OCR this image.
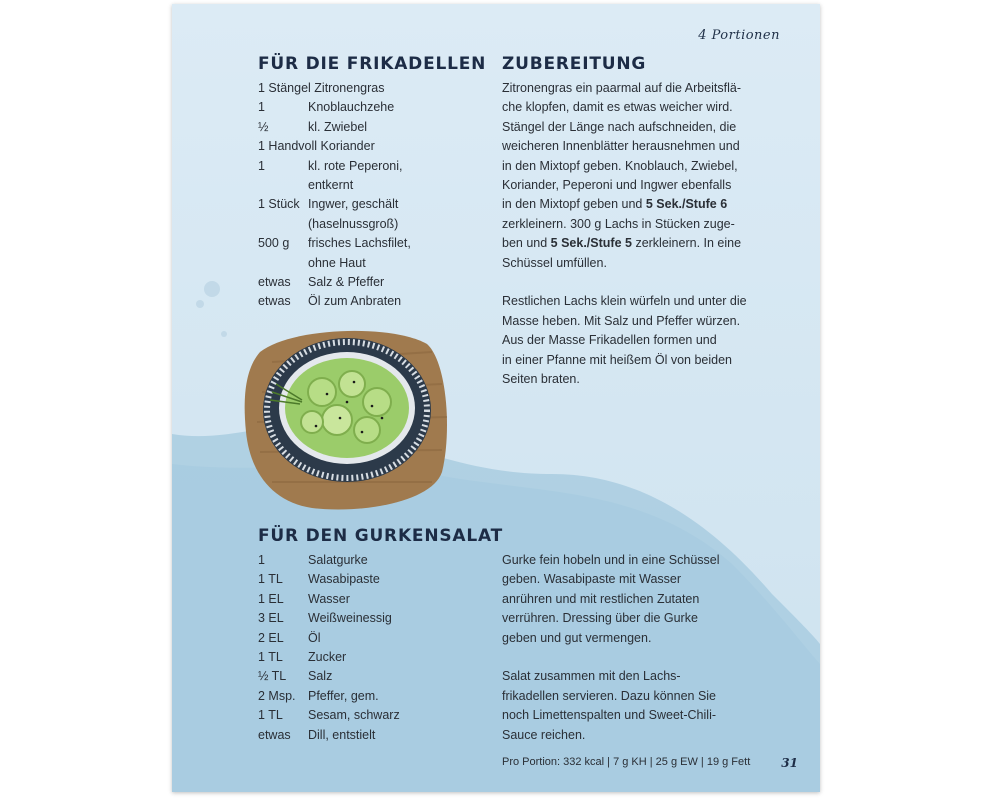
4 Portionen
FÜR DIE FRIKADELLEN
1 Stängel Zitronengras
1	Knoblauchzehe
½	kl. Zwiebel
1 Handvoll Koriander
1	kl. rote Peperoni,
entkernt
1 Stück Ingwer, geschält
(haselnussgroß)
500 g	frisches Lachsfilet,
ohne Haut
etwas	Salz & Pfeffer
etwas	Öl zum Anbraten
ZUBEREITUNG

Zitronengras ein paarmal auf die Arbeitsflä-
che klopfen, damit es etwas weicher wird.
Stängel der Länge nach aufschneiden, die
weicheren Innenblätter herausnehmen und
in den Mixtopf geben. Knoblauch, Zwiebel,
Koriander, Peperoni und Ingwer ebenfalls
in den Mixtopf geben und 5 Sek./Stufe 6
zerkleinern. 300 g Lachs in Stücken zuge-
ben und 5 Sek./Stufe 5 zerkleinern. In eine
Schüssel umfüllen.

Restlichen Lachs klein würfeln und unter die
Masse heben. Mit Salz und Pfeffer würzen.
Aus der Masse Frikadellen formen und
in einer Pfanne mit heißem Öl von beiden
Seiten braten.

FÜR DEN GURKENSALAT
1	Salatgurke
1 TL	Wasabipaste
1 EL	Wasser
3 EL	Weißweinessig
2 EL	Öl
1 TL	Zucker
½ TL	Salz
2 Msp. Pfeffer, gem.
1 TL	Sesam, schwarz
etwas	Dill, entstielt

Gurke fein hobeln und in eine Schüssel
geben. Wasabipaste mit Wasser
anrühren und mit restlichen Zutaten
verrühren. Dressing über die Gurke
geben und gut vermengen.

Salat zusammen mit den Lachs-
frikadellen servieren. Dazu können Sie
noch Limettenspalten und Sweet-Chili-
Sauce reichen.

Pro Portion: 332 kcal | 7 g KH | 25 g EW | 19 g Fett	31
